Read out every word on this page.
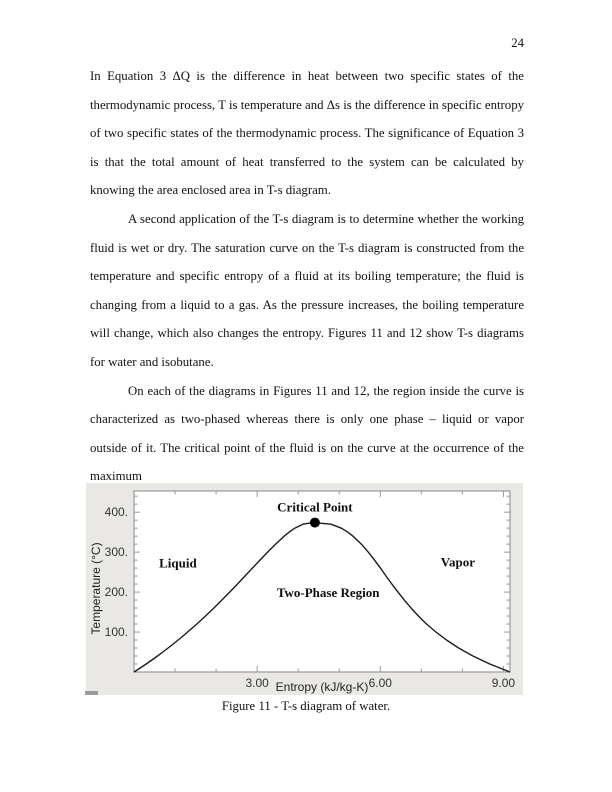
24

In Equation 3 ΔQ is the difference in heat between two specific states of the thermodynamic process, T is temperature and Δs is the difference in specific entropy of two specific states of the thermodynamic process. The significance of Equation 3 is that the total amount of heat transferred to the system can be calculated by knowing the area enclosed area in T-s diagram.

A second application of the T-s diagram is to determine whether the working fluid is wet or dry. The saturation curve on the T-s diagram is constructed from the temperature and specific entropy of a fluid at its boiling temperature; the fluid is changing from a liquid to a gas. As the pressure increases, the boiling temperature will change, which also changes the entropy. Figures 11 and 12 show T-s diagrams for water and isobutane.

On each of the diagrams in Figures 11 and 12, the region inside the curve is characterized as two-phased whereas there is only one phase – liquid or vapor outside of it. The critical point of the fluid is on the curve at the occurrence of the maximum

3.00	6.00	9.00
100.
200.
300.
400.
Entropy (kJ/kg-K)
Temperature (°C)
Critical Point
Liquid
Two-Phase Region
Vapor
Figure 11 - T-s diagram of water.
